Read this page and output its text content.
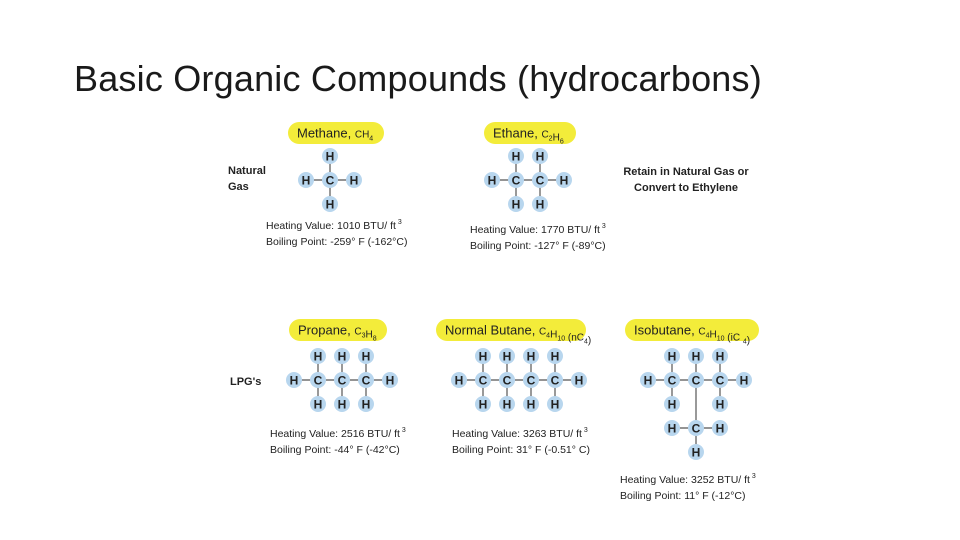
Basic Organic Compounds (hydrocarbons)
H	H
C
H
H
H	H
C
H
H
C
H
H
H	H
C
H
H
C
H
H
C
H
H
H	H
C
H
H
C
H
H
C
H
H
C
H
H
H C
H
C
H
C
H
H
H	H
H C H
H
Natural
Gas
LPG's
Retain in Natural Gas or
Convert to Ethylene
Methane, $CH_4$
Heating Value: 1010 BTU/ ft $^3$
Boiling Point: -259° F (-162°C)
Ethane, $C_2H_6$
Heating Value: 1770 BTU/ ft $^3$
Boiling Point: -127° F (-89°C)
Propane, $C_3H_8$
Heating Value: 2516 BTU/ ft $^3$
Boiling Point: -44° F (-42°C)
Normal Butane, $C_4H_{10}$ $(nC_4)$
Heating Value: 3263 BTU/ ft $^3$
Boiling Point: 31° F (-0.51° C)
Isobutane, $C_4H_{10}$ (iC $_4$)
Heating Value: 3252 BTU/ ft $^3$
Boiling Point: 11° F (-12°C)
